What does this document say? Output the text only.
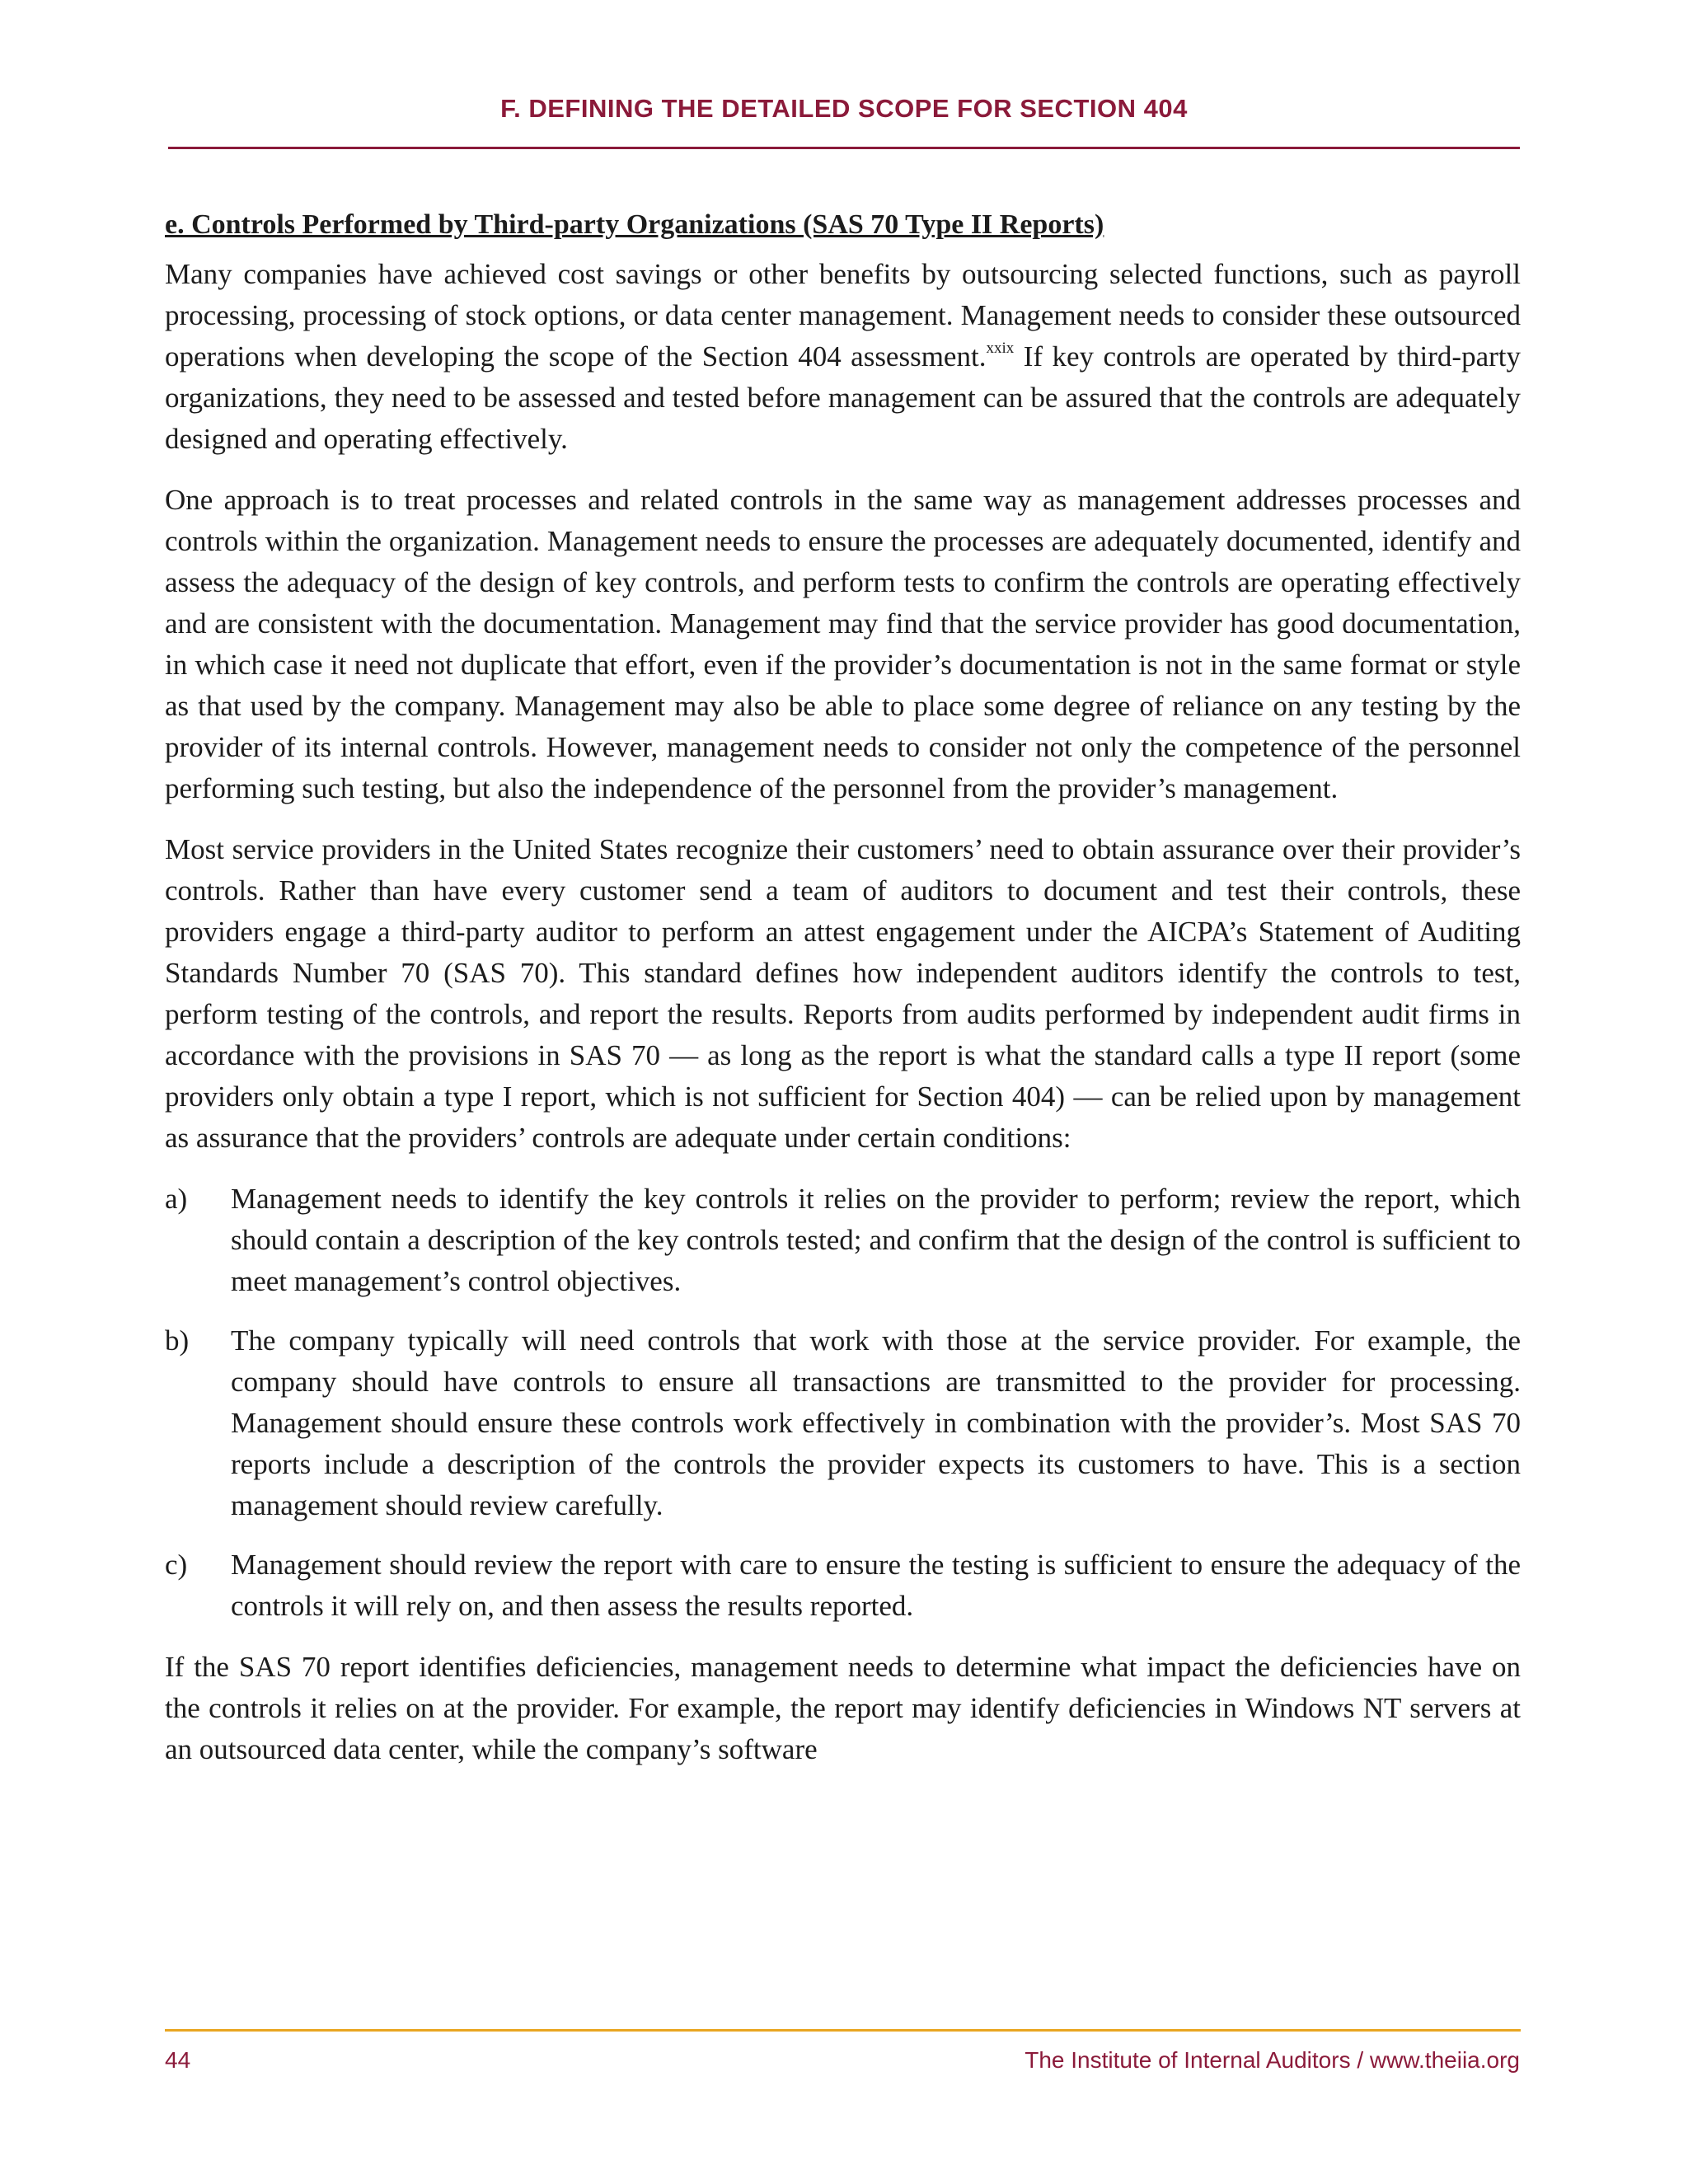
F. DEFINING THE DETAILED SCOPE FOR SECTION 404
e. Controls Performed by Third-party Organizations (SAS 70 Type II Reports)

Many companies have achieved cost savings or other benefits by outsourcing selected functions, such as payroll processing, processing of stock options, or data center management. Management needs to consider these outsourced operations when developing the scope of the Section 404 assessment.$^{xxix}$ If key controls are operated by third-party organizations, they need to be assessed and tested before management can be assured that the controls are adequately designed and operating effectively.

One approach is to treat processes and related controls in the same way as management addresses processes and controls within the organization. Management needs to ensure the processes are adequately documented, identify and assess the adequacy of the design of key controls, and perform tests to confirm the controls are operating effectively and are consistent with the documentation. Management may find that the service provider has good documentation, in which case it need not duplicate that effort, even if the provider’s documentation is not in the same format or style as that used by the company. Management may also be able to place some degree of reliance on any testing by the provider of its internal controls. However, management needs to consider not only the competence of the personnel performing such testing, but also the independence of the personnel from the provider’s management.

Most service providers in the United States recognize their customers’ need to obtain assurance over their provider’s controls. Rather than have every customer send a team of auditors to document and test their controls, these providers engage a third-party auditor to perform an attest engagement under the AICPA’s Statement of Auditing Standards Number 70 (SAS 70). This standard defines how independent auditors identify the controls to test, perform testing of the controls, and report the results. Reports from audits performed by independent audit firms in accordance with the provisions in SAS 70 — as long as the report is what the standard calls a type II report (some providers only obtain a type I report, which is not sufficient for Section 404) — can be relied upon by management as assurance that the providers’ controls are adequate under certain conditions:

a)	Management needs to identify the key controls it relies on the provider to perform; review the report, which should contain a description of the key controls tested; and confirm that the design of the control is sufficient to meet management’s control objectives.
b)	The company typically will need controls that work with those at the service provider. For example, the company should have controls to ensure all transactions are transmitted to the provider for processing. Management should ensure these controls work effectively in combination with the provider’s. Most SAS 70 reports include a description of the controls the provider expects its customers to have. This is a section management should review carefully.
c)	Management should review the report with care to ensure the testing is sufficient to ensure the adequacy of the controls it will rely on, and then assess the results reported.

If the SAS 70 report identifies deficiencies, management needs to determine what impact the deficiencies have on the controls it relies on at the provider. For example, the report may identify deficiencies in Windows NT servers at an outsourced data center, while the company’s software

44	The Institute of Internal Auditors / www.theiia.org
